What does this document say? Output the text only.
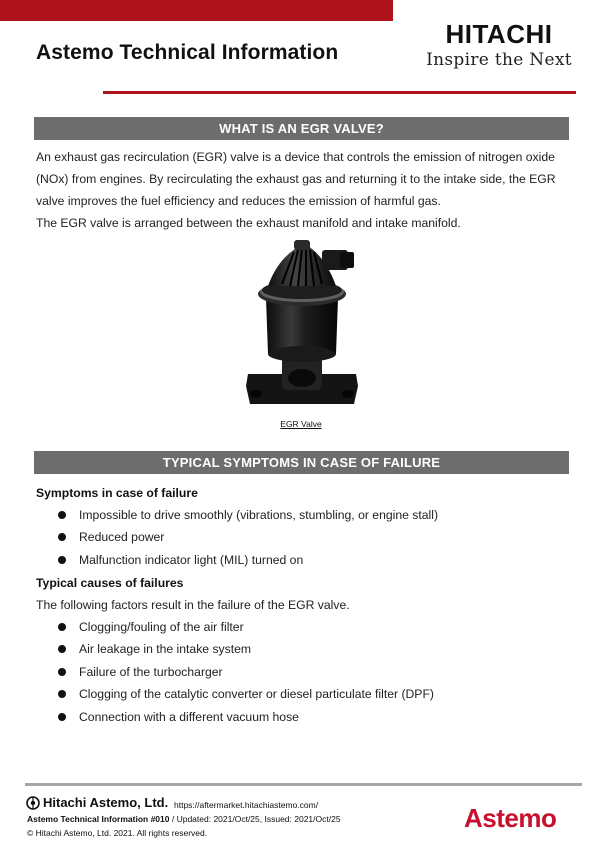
Astemo Technical Information
HITACHI
Inspire the Next
WHAT IS AN EGR VALVE?
An exhaust gas recirculation (EGR) valve is a device that controls the emission of nitrogen oxide (NOx) from engines. By recirculating the exhaust gas and returning it to the intake side, the EGR valve improves the fuel efficiency and reduces the emission of harmful gas.
The EGR valve is arranged between the exhaust manifold and intake manifold.
EGR Valve
TYPICAL SYMPTOMS IN CASE OF FAILURE
Symptoms in case of failure
Impossible to drive smoothly (vibrations, stumbling, or engine stall)
Reduced power
Malfunction indicator light (MIL) turned on
Typical causes of failures
The following factors result in the failure of the EGR valve.
Clogging/fouling of the air filter
Air leakage in the intake system
Failure of the turbocharger
Clogging of the catalytic converter or diesel particulate filter (DPF)
Connection with a different vacuum hose
Hitachi Astemo, Ltd. https://aftermarket.hitachiastemo.com/
Astemo Technical Information #010 / Updated: 2021/Oct/25, Issued: 2021/Oct/25
© Hitachi Astemo, Ltd. 2021. All rights reserved.	Astemo
